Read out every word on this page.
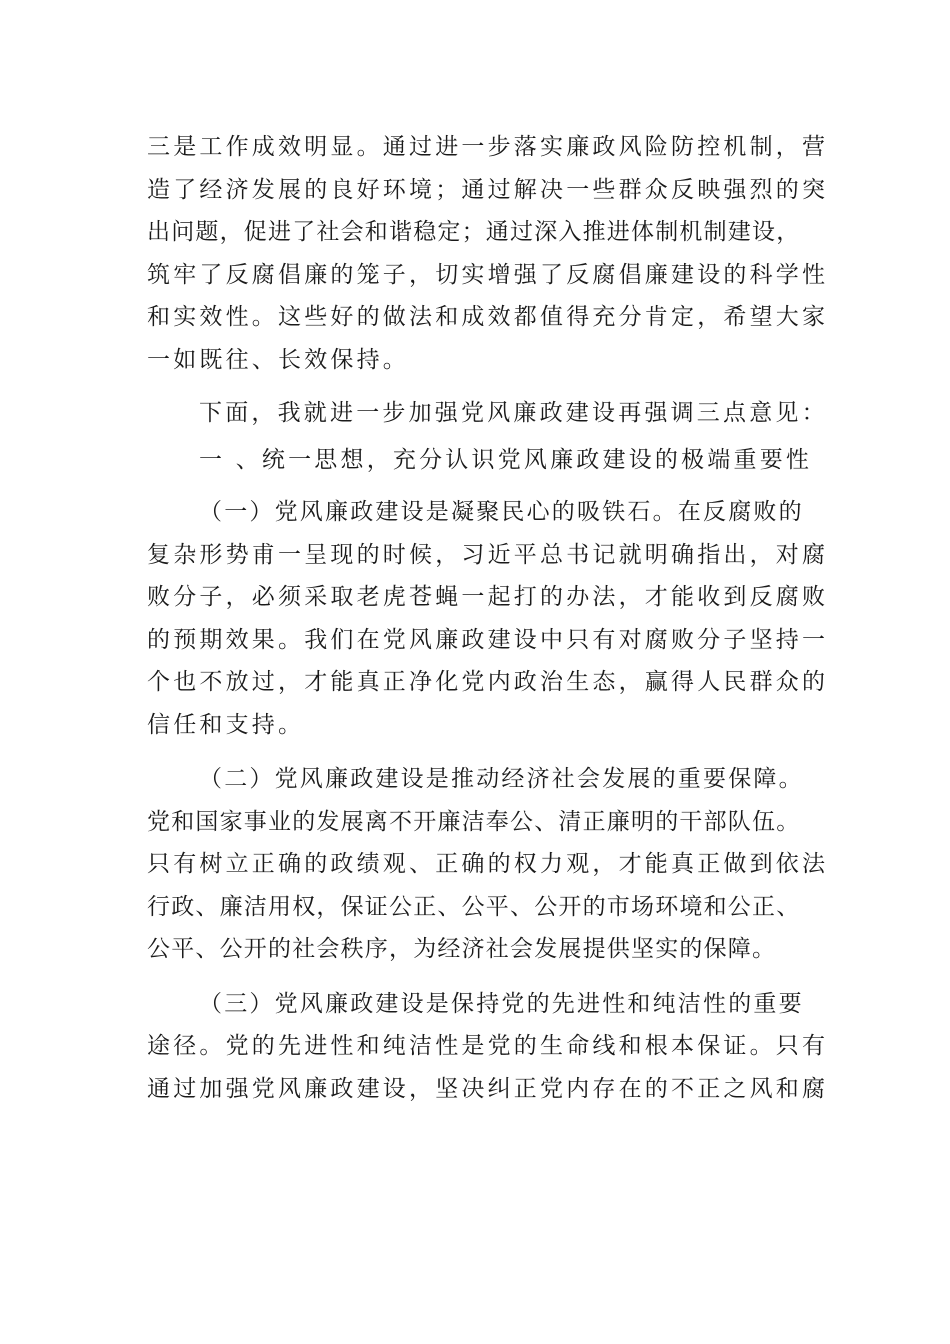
三是工作成效明显。通过进一步落实廉政风险防控机制，营
造了经济发展的良好环境；通过解决一些群众反映强烈的突
出问题，促进了社会和谐稳定；通过深入推进体制机制建设，
筑牢了反腐倡廉的笼子，切实增强了反腐倡廉建设的科学性
和实效性。这些好的做法和成效都值得充分肯定，希望大家
一如既往、长效保持。

下面，我就进一步加强党风廉政建设再强调三点意见：

一 、统一思想，充分认识党风廉政建设的极端重要性

（一）党风廉政建设是凝聚民心的吸铁石。在反腐败的
复杂形势甫一呈现的时候，习近平总书记就明确指出，对腐
败分子，必须采取老虎苍蝇一起打的办法，才能收到反腐败
的预期效果。我们在党风廉政建设中只有对腐败分子坚持一
个也不放过，才能真正净化党内政治生态，赢得人民群众的
信任和支持。

（二）党风廉政建设是推动经济社会发展的重要保障。
党和国家事业的发展离不开廉洁奉公、清正廉明的干部队伍。
只有树立正确的政绩观、正确的权力观，才能真正做到依法
行政、廉洁用权，保证公正、公平、公开的市场环境和公正、
公平、公开的社会秩序，为经济社会发展提供坚实的保障。

（三）党风廉政建设是保持党的先进性和纯洁性的重要
途径。党的先进性和纯洁性是党的生命线和根本保证。只有
通过加强党风廉政建设，坚决纠正党内存在的不正之风和腐
